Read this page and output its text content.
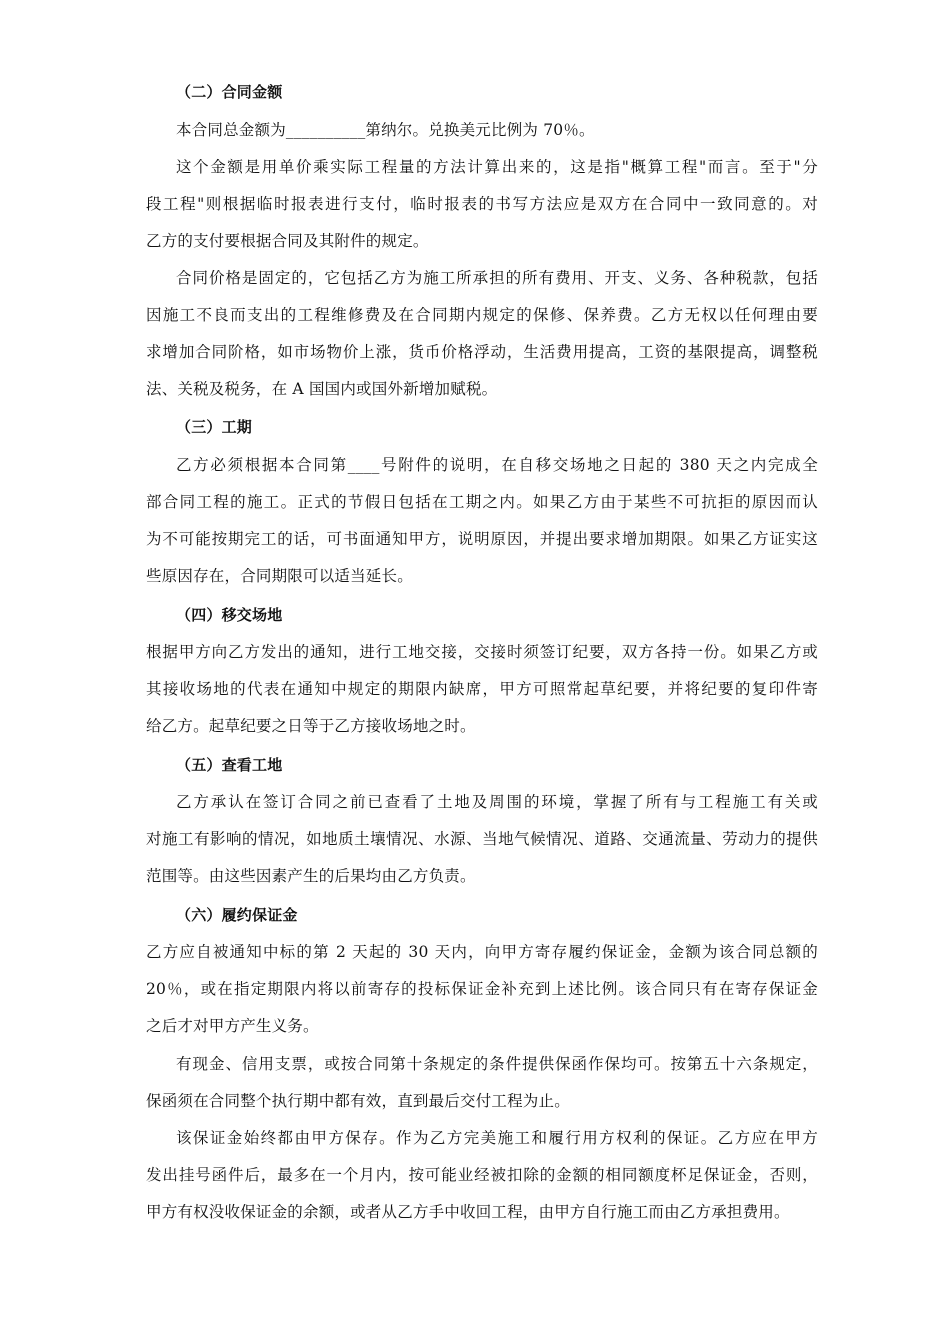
（二）合同金额
本合同总金额为__________第纳尔。兑换美元比例为 70％。
这个金额是用单价乘实际工程量的方法计算出来的，这是指"概算工程"而言。至于"分
段工程"则根据临时报表进行支付，临时报表的书写方法应是双方在合同中一致同意的。对
乙方的支付要根据合同及其附件的规定。
合同价格是固定的，它包括乙方为施工所承担的所有费用、开支、义务、各种税款，包括
因施工不良而支出的工程维修费及在合同期内规定的保修、保养费。乙方无权以任何理由要
求增加合同阶格，如市场物价上涨，货币价格浮动，生活费用提高，工资的基限提高，调整税
法、关税及税务，在 A 国国内或国外新增加赋税。
（三）工期
乙方必须根据本合同第____号附件的说明，在自移交场地之日起的 380 天之内完成全
部合同工程的施工。正式的节假日包括在工期之内。如果乙方由于某些不可抗拒的原因而认
为不可能按期完工的话，可书面通知甲方，说明原因，并提出要求增加期限。如果乙方证实这
些原因存在，合同期限可以适当延长。
（四）移交场地
根据甲方向乙方发出的通知，进行工地交接，交接时须签订纪要，双方各持一份。如果乙方或
其接收场地的代表在通知中规定的期限内缺席，甲方可照常起草纪要，并将纪要的复印件寄
给乙方。起草纪要之日等于乙方接收场地之时。
（五）查看工地
乙方承认在签订合同之前已查看了土地及周围的环境，掌握了所有与工程施工有关或
对施工有影响的情况，如地质土壤情况、水源、当地气候情况、道路、交通流量、劳动力的提供
范围等。由这些因素产生的后果均由乙方负责。
（六）履约保证金
乙方应自被通知中标的第 2 天起的 30 天内，向甲方寄存履约保证金，金额为该合同总额的
20％，或在指定期限内将以前寄存的投标保证金补充到上述比例。该合同只有在寄存保证金
之后才对甲方产生义务。
有现金、信用支票，或按合同第十条规定的条件提供保函作保均可。按第五十六条规定，
保函须在合同整个执行期中都有效，直到最后交付工程为止。
该保证金始终都由甲方保存。作为乙方完美施工和履行用方权利的保证。乙方应在甲方
发出挂号函件后，最多在一个月内，按可能业经被扣除的金额的相同额度杯足保证金，否则，
甲方有权没收保证金的余额，或者从乙方手中收回工程，由甲方自行施工而由乙方承担费用。
